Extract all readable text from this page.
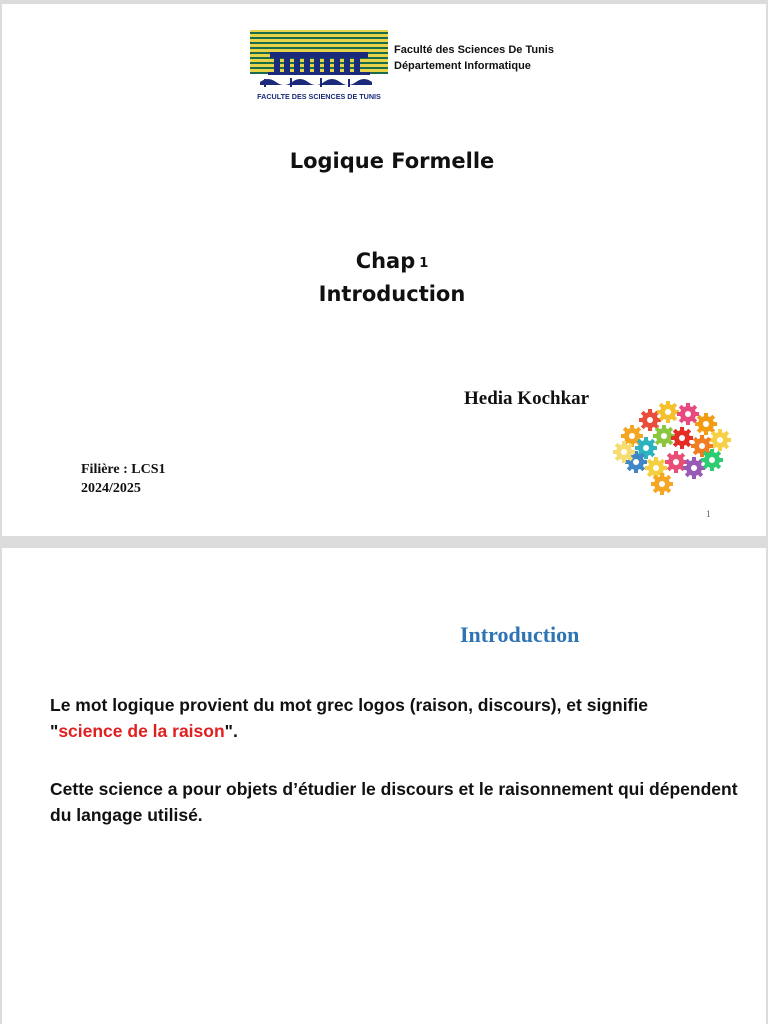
FACULTE DES SCIENCES DE TUNIS
Faculté des Sciences De Tunis
Département Informatique
Logique Formelle
Chap 1
Introduction
Hedia Kochkar
Filière : LCS1
2024/2025
1
Introduction
Le mot logique provient du mot grec logos (raison, discours), et signifie
"science de la raison".
Cette science a pour objets d’étudier le discours et le raisonnement qui dépendent du langage utilisé.
